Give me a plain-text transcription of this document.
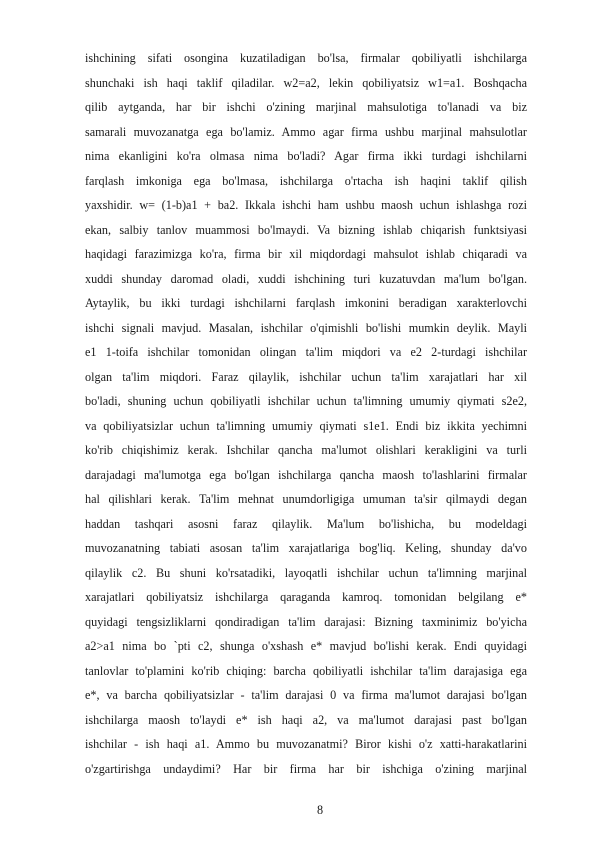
ishchining sifati osongina kuzatiladigan bo'lsa, firmalar qobiliyatli ishchilarga
shunchaki ish haqi taklif qiladilar. w2=a2, lekin qobiliyatsiz w1=a1. Boshqacha
qilib aytganda, har bir ishchi o'zining marjinal mahsulotiga to'lanadi va biz
samarali muvozanatga ega bo'lamiz. Ammo agar firma ushbu marjinal mahsulotlar
nima ekanligini ko'ra olmasa nima bo'ladi? Agar firma ikki turdagi ishchilarni
farqlash imkoniga ega bo'lmasa, ishchilarga o'rtacha ish haqini taklif qilish
yaxshidir. w= (1-b)a1 + ba2. Ikkala ishchi ham ushbu maosh uchun ishlashga rozi
ekan, salbiy tanlov muammosi bo'lmaydi. Va bizning ishlab chiqarish funktsiyasi
haqidagi farazimizga ko'ra, firma bir xil miqdordagi mahsulot ishlab chiqaradi va
xuddi shunday daromad oladi, xuddi ishchining turi kuzatuvdan ma'lum bo'lgan.
Aytaylik, bu ikki turdagi ishchilarni farqlash imkonini beradigan xarakterlovchi
ishchi signali mavjud. Masalan, ishchilar o'qimishli bo'lishi mumkin deylik. Mayli
e1 1-toifa ishchilar tomonidan olingan ta'lim miqdori va e2 2-turdagi ishchilar
olgan ta'lim miqdori. Faraz qilaylik, ishchilar uchun ta'lim xarajatlari har xil
bo'ladi, shuning uchun qobiliyatli ishchilar uchun ta'limning umumiy qiymati s2e2,
va qobiliyatsizlar uchun ta'limning umumiy qiymati s1e1. Endi biz ikkita yechimni
ko'rib chiqishimiz kerak. Ishchilar qancha ma'lumot olishlari kerakligini va turli
darajadagi ma'lumotga ega bo'lgan ishchilarga qancha maosh to'lashlarini firmalar
hal qilishlari kerak. Ta'lim mehnat unumdorligiga umuman ta'sir qilmaydi degan
haddan tashqari asosni faraz qilaylik. Ma'lum bo'lishicha, bu modeldagi
muvozanatning tabiati asosan ta'lim xarajatlariga bog'liq. Keling, shunday da'vo
qilaylik c2. Bu shuni ko'rsatadiki, layoqatli ishchilar uchun ta'limning marjinal
xarajatlari qobiliyatsiz ishchilarga qaraganda kamroq. tomonidan belgilang e*
quyidagi tengsizliklarni qondiradigan ta'lim darajasi: Bizning taxminimiz bo'yicha
a2>a1 nima bo `pti c2, shunga o'xshash e* mavjud bo'lishi kerak. Endi quyidagi
tanlovlar to'plamini ko'rib chiqing: barcha qobiliyatli ishchilar ta'lim darajasiga ega
e*, va barcha qobiliyatsizlar - ta'lim darajasi 0 va firma ma'lumot darajasi bo'lgan
ishchilarga maosh to'laydi e* ish haqi a2, va ma'lumot darajasi past bo'lgan
ishchilar - ish haqi a1. Ammo bu muvozanatmi? Biror kishi o'z xatti-harakatlarini
o'zgartirishga undaydimi? Har bir firma har bir ishchiga o'zining marjinal
8
